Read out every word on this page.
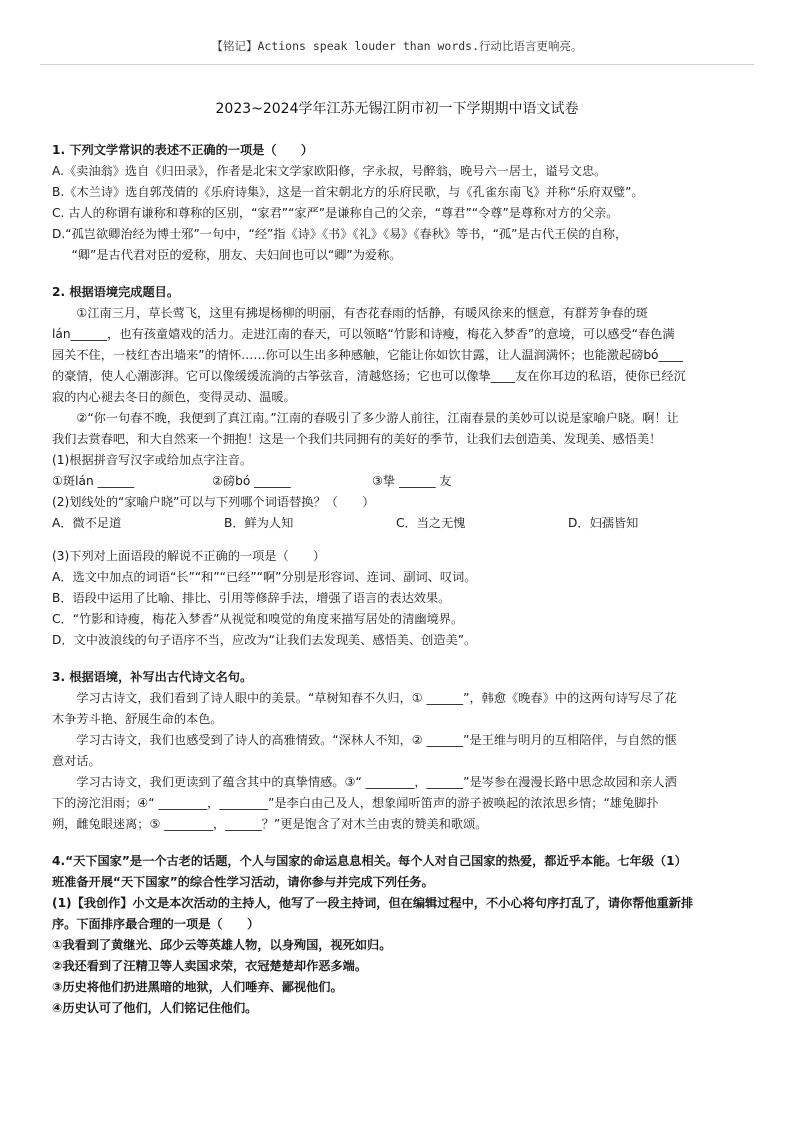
【铭记】Actions speak louder than words.行动比语言更响亮。
2023~2024学年江苏无锡江阴市初一下学期期中语文试卷

1. 下列文学常识的表述不正确的一项是（　　）

A.《卖油翁》选自《归田录》，作者是北宋文学家欧阳修，字永叔，号醉翁，晚号六一居士，谥号文忠。

B.《木兰诗》选自郭茂倩的《乐府诗集》，这是一首宋朝北方的乐府民歌，与《孔雀东南飞》并称“乐府双璧”。

C. 古人的称谓有谦称和尊称的区别，“家君”“家严”是谦称自己的父亲，“尊君”“令尊”是尊称对方的父亲。

D.“孤岂欲卿治经为博士邪”一句中，“经”指《诗》《书》《礼》《易》《春秋》等书，“孤”是古代王侯的自称，

“卿”是古代君对臣的爱称，朋友、夫妇间也可以“卿”为爱称。

2. 根据语境完成题目。

①江南三月，草长莺飞，这里有拂堤杨柳的明丽，有杏花春雨的恬静，有暖风徐来的惬意，有群芳争春的斑

lán______，也有孩童嬉戏的活力。走进江南的春天，可以领略“竹影和诗瘦，梅花入梦香”的意境，可以感受“春色满

园关不住，一枝红杏出墙来”的情怀……你可以生出多种感触，它能让你如饮甘露，让人温润满怀；也能激起磅bó____

的豪情，使人心潮澎湃。它可以像缓缓流淌的古筝弦音，清越悠扬；它也可以像挚____友在你耳边的私语，使你已经沉

寂的内心褪去冬日的颜色，变得灵动、温暖。

②“你一句春不晚，我便到了真江南。”江南的春吸引了多少游人前往，江南春景的美妙可以说是家喻户晓。啊！让

我们去赏春吧，和大自然来一个拥抱！这是一个我们共同拥有的美好的季节，让我们去创造美、发现美、感悟美！

(1)根据拼音写汉字或给加点字注音。

①斑lán ______	②磅bó ______	③挚 ______ 友

(2)划线处的“家喻户晓”可以与下列哪个词语替换？（　　）

A．微不足道	B．鲜为人知	C．当之无愧	D．妇孺皆知

(3)下列对上面语段的解说不正确的一项是（　　）

A．选文中加点的词语“长”“和”“已经”“啊”分别是形容词、连词、副词、叹词。

B．语段中运用了比喻、排比、引用等修辞手法，增强了语言的表达效果。

C．“竹影和诗瘦，梅花入梦香”从视觉和嗅觉的角度来描写居处的清幽境界。

D．文中波浪线的句子语序不当，应改为“让我们去发现美、感悟美、创造美”。

3. 根据语境，补写出古代诗文名句。

学习古诗文，我们看到了诗人眼中的美景。“草树知春不久归，① ______”，韩愈《晚春》中的这两句诗写尽了花

木争芳斗艳、舒展生命的本色。

学习古诗文，我们也感受到了诗人的高雅情致。“深林人不知，② ______”是王维与明月的互相陪伴，与自然的惬

意对话。

学习古诗文，我们更读到了蕴含其中的真挚情感。③“ ________，______”是岑参在漫漫长路中思念故园和亲人洒

下的滂沱泪雨；④“ ________，________”是李白由己及人，想象闻听笛声的游子被唤起的浓浓思乡情；“雄兔脚扑

朔，雌兔眼迷离；⑤ ________，______？”更是饱含了对木兰由衷的赞美和歌颂。

4.“天下国家”是一个古老的话题，个人与国家的命运息息相关。每个人对自己国家的热爱，都近乎本能。七年级（1）

班准备开展“天下国家”的综合性学习活动，请你参与并完成下列任务。

(1)【我创作】小文是本次活动的主持人，他写了一段主持词，但在编辑过程中，不小心将句序打乱了，请你帮他重新排

序。下面排序最合理的一项是（　　）

①我看到了黄继光、邱少云等英雄人物，以身殉国，视死如归。

②我还看到了汪精卫等人卖国求荣，衣冠楚楚却作恶多端。

③历史将他们扔进黑暗的地狱，人们唾弃、鄙视他们。

④历史认可了他们，人们铭记住他们。
